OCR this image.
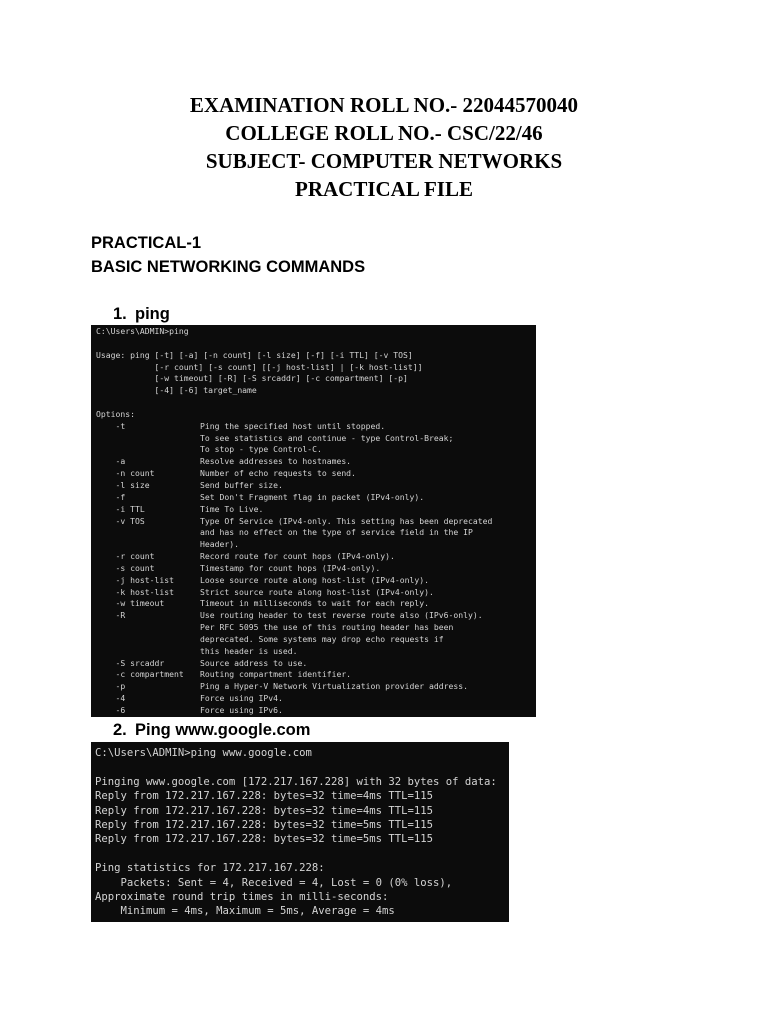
EXAMINATION ROLL NO.- 22044570040
COLLEGE ROLL NO.- CSC/22/46
SUBJECT- COMPUTER NETWORKS
PRACTICAL FILE
PRACTICAL-1
BASIC NETWORKING COMMANDS
1. ping
C:\Users\ADMIN>ping
Usage: ping [-t] [-a] [-n count] [-l size] [-f] [-i TTL] [-v TOS]
[-r count] [-s count] [[-j host-list] | [-k host-list]]
[-w timeout] [-R] [-S srcaddr] [-c compartment] [-p]
[-4] [-6] target_name
Options:
-t	Ping the specified host until stopped.
To see statistics and continue - type Control-Break;
To stop - type Control-C.
-a	Resolve addresses to hostnames.
-n count	Number of echo requests to send.
-l size	Send buffer size.
-f	Set Don't Fragment flag in packet (IPv4-only).
-i TTL	Time To Live.
-v TOS	Type Of Service (IPv4-only. This setting has been deprecated
and has no effect on the type of service field in the IP
Header).
-r count	Record route for count hops (IPv4-only).
-s count	Timestamp for count hops (IPv4-only).
-j host-list	Loose source route along host-list (IPv4-only).
-k host-list	Strict source route along host-list (IPv4-only).
-w timeout	Timeout in milliseconds to wait for each reply.
-R	Use routing header to test reverse route also (IPv6-only).
Per RFC 5095 the use of this routing header has been
deprecated. Some systems may drop echo requests if
this header is used.
-S srcaddr	Source address to use.
-c compartment Routing compartment identifier.
-p	Ping a Hyper-V Network Virtualization provider address.
-4	Force using IPv4.
-6	Force using IPv6.
2. Ping www.google.com
C:\Users\ADMIN>ping www.google.com
Pinging www.google.com [172.217.167.228] with 32 bytes of data:
Reply from 172.217.167.228: bytes=32 time=4ms TTL=115
Reply from 172.217.167.228: bytes=32 time=4ms TTL=115
Reply from 172.217.167.228: bytes=32 time=5ms TTL=115
Reply from 172.217.167.228: bytes=32 time=5ms TTL=115
Ping statistics for 172.217.167.228:
Packets: Sent = 4, Received = 4, Lost = 0 (0% loss),
Approximate round trip times in milli-seconds:
Minimum = 4ms, Maximum = 5ms, Average = 4ms
